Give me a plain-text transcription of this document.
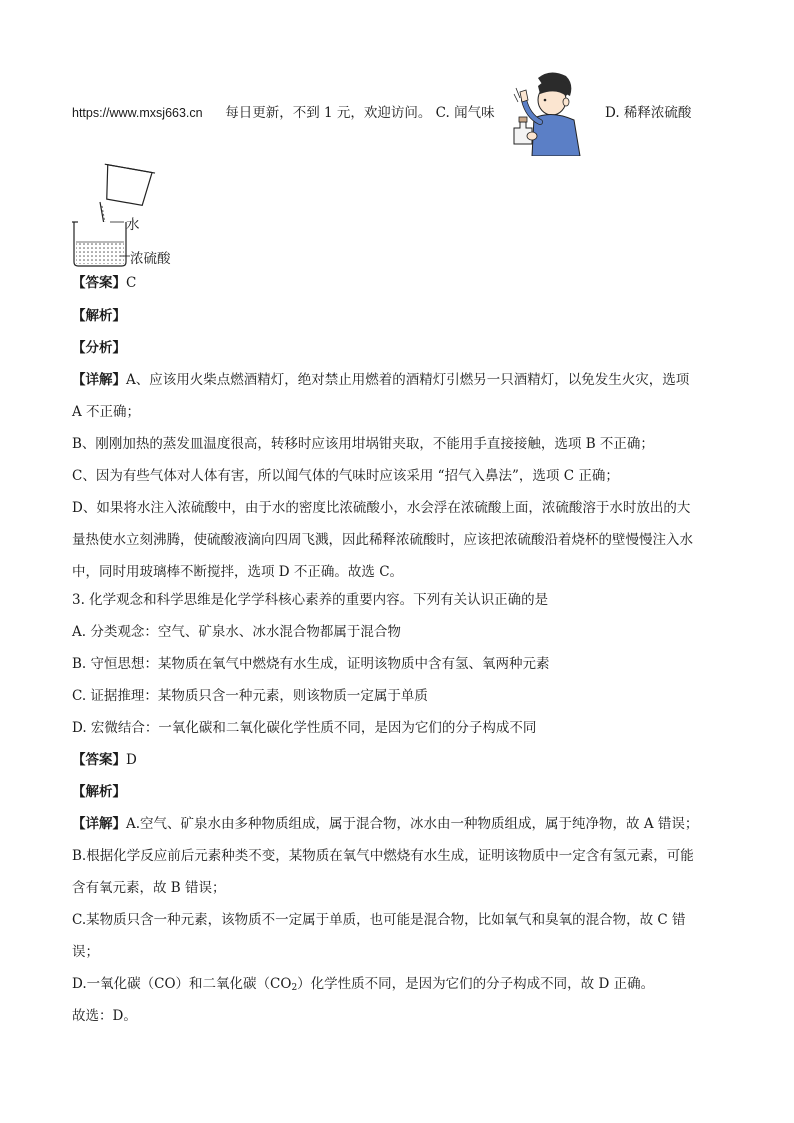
https://www.mxsj663.cn 每日更新，不到 1 元，欢迎访问。 C. 闻气味	D. 稀释浓硫酸
水
浓硫酸
【答案】C
【解析】
【分析】
【详解】A、应该用火柴点燃酒精灯，绝对禁止用燃着的酒精灯引燃另一只酒精灯，以免发生火灾，选项
A 不正确；
B、刚刚加热的蒸发皿温度很高，转移时应该用坩埚钳夹取，不能用手直接接触，选项 B 不正确；
C、因为有些气体对人体有害，所以闻气体的气味时应该采用 “招气入鼻法”，选项 C 正确；
D、如果将水注入浓硫酸中，由于水的密度比浓硫酸小，水会浮在浓硫酸上面，浓硫酸溶于水时放出的大
量热使水立刻沸腾，使硫酸液滴向四周飞溅，因此稀释浓硫酸时，应该把浓硫酸沿着烧杯的壁慢慢注入水
中，同时用玻璃棒不断搅拌，选项 D 不正确。故选 C。
3. 化学观念和科学思维是化学学科核心素养的重要内容。下列有关认识正确的是
A. 分类观念：空气、矿泉水、冰水混合物都属于混合物
B. 守恒思想：某物质在氧气中燃烧有水生成，证明该物质中含有氢、氧两种元素
C. 证据推理：某物质只含一种元素，则该物质一定属于单质
D. 宏微结合：一氧化碳和二氧化碳化学性质不同，是因为它们的分子构成不同
【答案】D
【解析】
【详解】A.空气、矿泉水由多种物质组成，属于混合物，冰水由一种物质组成，属于纯净物，故 A 错误；
B.根据化学反应前后元素种类不变，某物质在氧气中燃烧有水生成，证明该物质中一定含有氢元素，可能
含有氧元素，故 B 错误；
C.某物质只含一种元素，该物质不一定属于单质，也可能是混合物，比如氧气和臭氧的混合物，故 C 错
误；
D.一氧化碳（CO）和二氧化碳$(CO_2)$化学性质不同，是因为它们的分子构成不同，故 D 正确。
故选：D。
